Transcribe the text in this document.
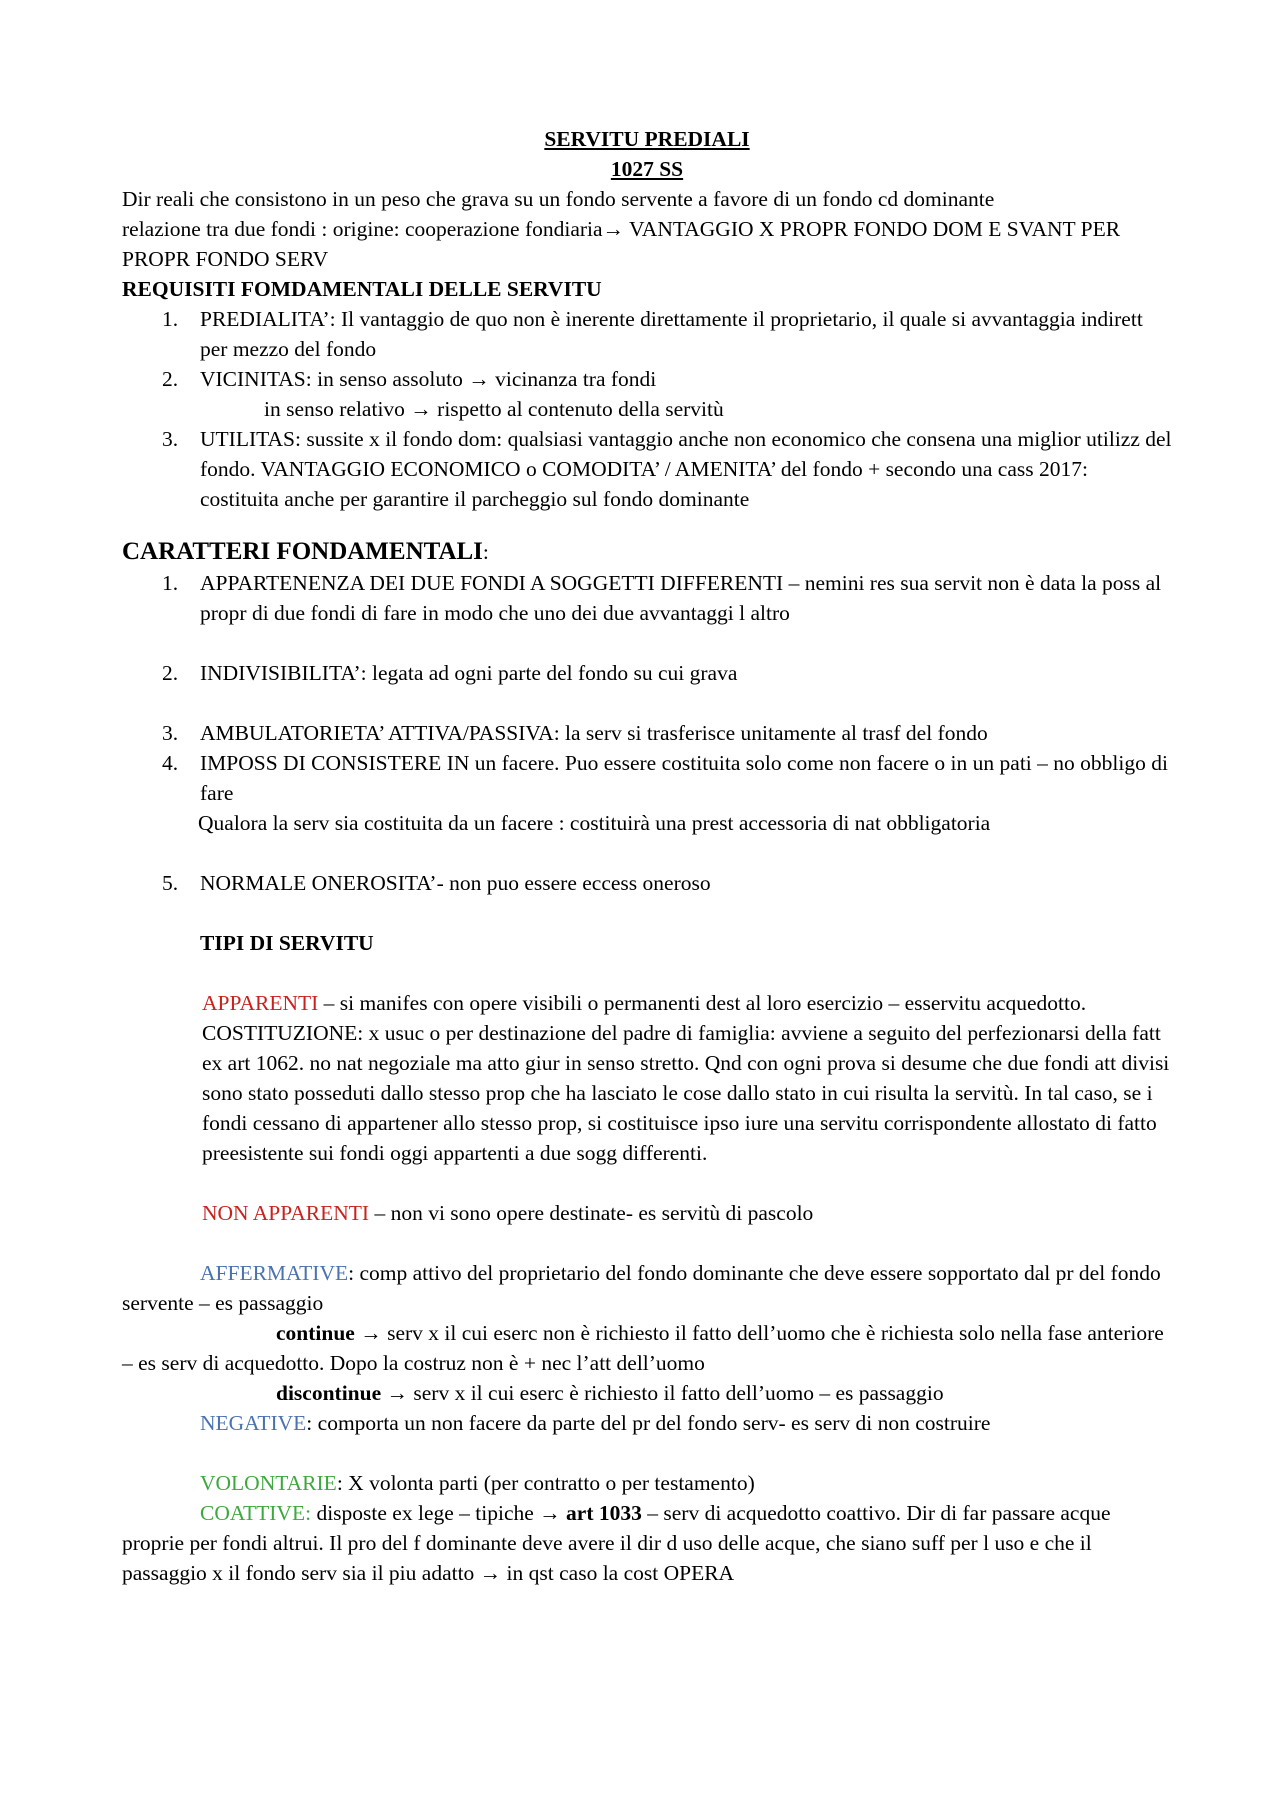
SERVITU PREDIALI
1027 SS

Dir reali che consistono in un peso che grava su un fondo servente a favore di un fondo cd dominante

relazione tra due fondi : origine: cooperazione fondiaria→ VANTAGGIO X PROPR FONDO DOM E SVANT PER PROPR FONDO SERV

REQUISITI FOMDAMENTALI DELLE SERVITU

1.	PREDIALITA’: Il vantaggio de quo non è inerente direttamente il proprietario, il quale si avvantaggia indirett per mezzo del fondo
2.	VICINITAS: in senso assoluto → vicinanza tra fondi
in senso relativo → rispetto al contenuto della servitù
3.	UTILITAS: sussite x il fondo dom: qualsiasi vantaggio anche non economico che consena una miglior utilizz del fondo. VANTAGGIO ECONOMICO o COMODITA’ / AMENITA’ del fondo + secondo una cass 2017: costituita anche per garantire il parcheggio sul fondo dominante

CARATTERI FONDAMENTALI:

1.	APPARTENENZA DEI DUE FONDI A SOGGETTI DIFFERENTI – nemini res sua servit non è data la poss al propr di due fondi di fare in modo che uno dei due avvantaggi l altro
2.	INDIVISIBILITA’: legata ad ogni parte del fondo su cui grava
3.	AMBULATORIETA’ ATTIVA/PASSIVA: la serv si trasferisce unitamente al trasf del fondo
4.	IMPOSS DI CONSISTERE IN un facere. Puo essere costituita solo come non facere o in un pati – no obbligo di fare
Qualora la serv sia costituita da un facere : costituirà una prest accessoria di nat obbligatoria
5.	NORMALE ONEROSITA’- non puo essere eccess oneroso

TIPI DI SERVITU

APPARENTI – si manifes con opere visibili o permanenti dest al loro esercizio – esservitu acquedotto. COSTITUZIONE: x usuc o per destinazione del padre di famiglia: avviene a seguito del perfezionarsi della fatt ex art 1062. no nat negoziale ma atto giur in senso stretto. Qnd con ogni prova si desume che due fondi att divisi sono stato posseduti dallo stesso prop che ha lasciato le cose dallo stato in cui risulta la servitù. In tal caso, se i fondi cessano di appartener allo stesso prop, si costituisce ipso iure una servitu corrispondente allostato di fatto preesistente sui fondi oggi appartenti a due sogg differenti.

NON APPARENTI – non vi sono opere destinate- es servitù di pascolo

AFFERMATIVE: comp attivo del proprietario del fondo dominante che deve essere sopportato dal pr del fondo servente – es passaggio

continue → serv x il cui eserc non è richiesto il fatto dell’uomo che è richiesta solo nella fase anteriore – es serv di acquedotto. Dopo la costruz non è + nec l’att dell’uomo

discontinue → serv x il cui eserc è richiesto il fatto dell’uomo – es passaggio

NEGATIVE: comporta un non facere da parte del pr del fondo serv- es serv di non costruire

VOLONTARIE: X volonta parti (per contratto o per testamento)

COATTIVE: disposte ex lege – tipiche → art 1033 – serv di acquedotto coattivo. Dir di far passare acque proprie per fondi altrui. Il pro del f dominante deve avere il dir d uso delle acque, che siano suff per l uso e che il passaggio x il fondo serv sia il piu adatto → in qst caso la cost OPERA
